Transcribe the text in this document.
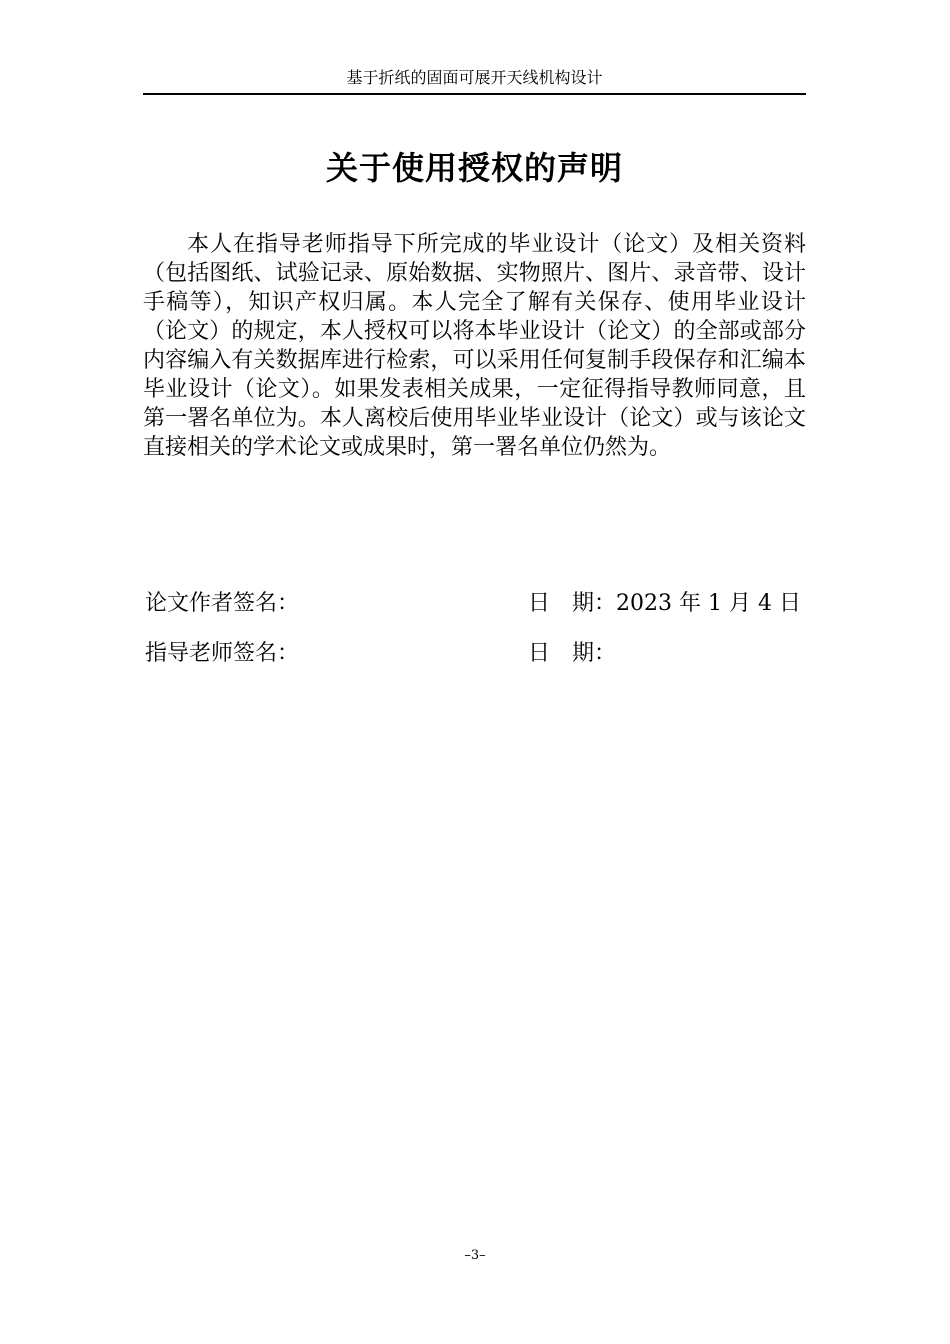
基于折纸的固面可展开天线机构设计
关于使用授权的声明

本人在指导老师指导下所完成的毕业设计（论文）及相关资料（包括图纸、试验记录、原始数据、实物照片、图片、录音带、设计手稿等），知识产权归属。本人完全了解有关保存、使用毕业设计（论文）的规定，本人授权可以将本毕业设计（论文）的全部或部分内容编入有关数据库进行检索，可以采用任何复制手段保存和汇编本毕业设计（论文）。如果发表相关成果，一定征得指导教师同意，且第一署名单位为。本人离校后使用毕业毕业设计（论文）或与该论文直接相关的学术论文或成果时，第一署名单位仍然为。

论文作者签名：	日　期：2023 年 1 月 4 日
指导老师签名：	日　期：
–3–
